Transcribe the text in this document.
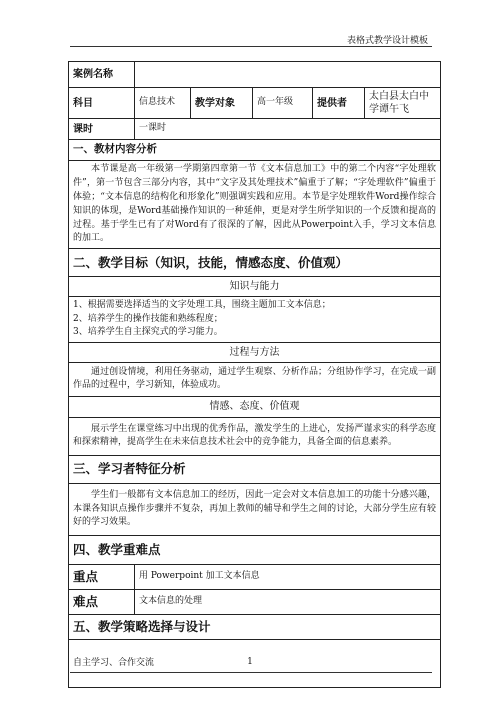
表格式教学设计模板
案例名称					
科目	信息技术	教学对象	高一年级	提供者	太白县太白中学谭午飞
课时	一课时				
一、教材内容分析					
本节课是高一年级第一学期第四章第一节《文本信息加工》中的第二个内容“字处理软件”，第一节包含三部分内容，其中“文字及其处理技术”偏重于了解；“字处理软件”偏重于体验；“文本信息的结构化和形象化”则强调实践和应用。本节是字处理软件Word操作综合知识的体现，是Word基础操作知识的一种延伸，更是对学生所学知识的一个反馈和提高的过程。基于学生已有了对Word有了很深的了解，因此从Powerpoint入手，学习文本信息的加工。					
二、教学目标（知识，技能，情感态度、价值观）					
知识与能力					

1、根据需要选择适当的文字处理工具，围绕主题加工文本信息；
2、培养学生的操作技能和熟练程度；
3、培养学生自主探究式的学习能力。					

过程与方法					
通过创设情境，利用任务驱动，通过学生观察、分析作品；分组协作学习，在完成一副作品的过程中，学习新知，体验成功。					
情感、态度、价值观					
展示学生在课堂练习中出现的优秀作品，激发学生的上进心，发扬严谨求实的科学态度和探索精神，提高学生在未来信息技术社会中的竞争能力，具备全面的信息素养。					
三、学习者特征分析					
学生们一般都有文本信息加工的经历，因此一定会对文本信息加工的功能十分感兴趣，本课各知识点操作步骤并不复杂，再加上教师的辅导和学生之间的讨论，大部分学生应有较好的学习效果。					
四、教学重难点					
重点	用 Powerpoint 加工文本信息				
难点	文本信息的处理				
五、教学策略选择与设计					
自主学习、合作交流						1
